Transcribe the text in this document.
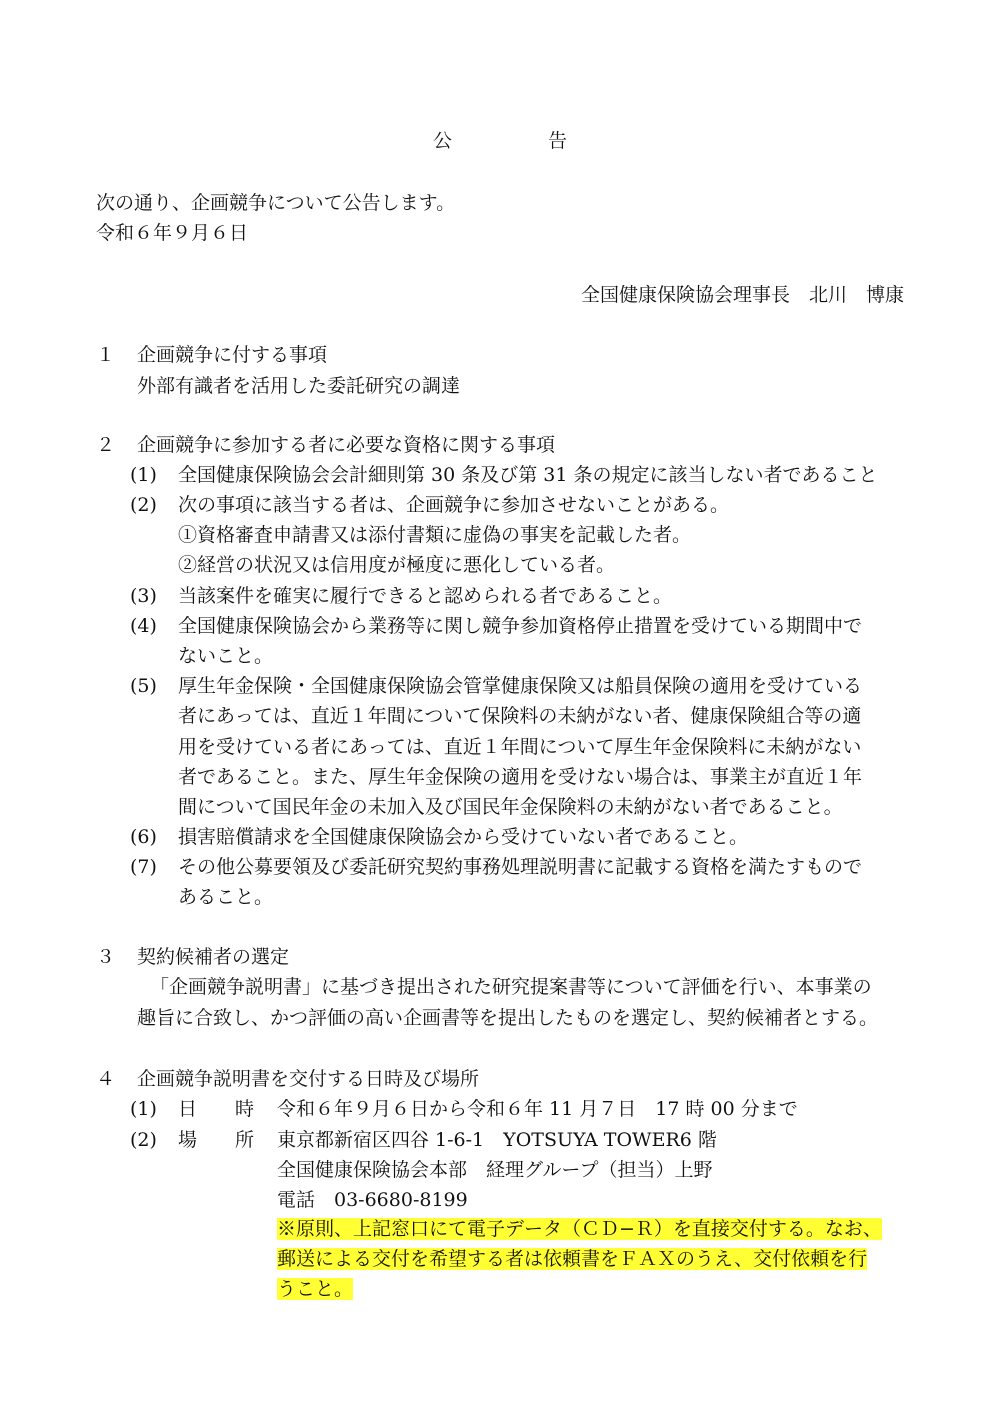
公	告
次の通り、企画競争について公告します。
令和６年９月６日
全国健康保険協会理事長　北川　博康
１ 企画競争に付する事項
外部有識者を活用した委託研究の調達
２ 企画競争に参加する者に必要な資格に関する事項
(1) 全国健康保険協会会計細則第 30 条及び第 31 条の規定に該当しない者であること
(2) 次の事項に該当する者は、企画競争に参加させないことがある。
①資格審査申請書又は添付書類に虚偽の事実を記載した者。
②経営の状況又は信用度が極度に悪化している者。
(3) 当該案件を確実に履行できると認められる者であること。
(4) 全国健康保険協会から業務等に関し競争参加資格停止措置を受けている期間中で
ないこと。
(5) 厚生年金保険・全国健康保険協会管掌健康保険又は船員保険の適用を受けている
者にあっては、直近１年間について保険料の未納がない者、健康保険組合等の適
用を受けている者にあっては、直近１年間について厚生年金保険料に未納がない
者であること。また、厚生年金保険の適用を受けない場合は、事業主が直近１年
間について国民年金の未加入及び国民年金保険料の未納がない者であること。
(6) 損害賠償請求を全国健康保険協会から受けていない者であること。
(7) その他公募要領及び委託研究契約事務処理説明書に記載する資格を満たすもので
あること。
３ 契約候補者の選定
「企画競争説明書」に基づき提出された研究提案書等について評価を行い、本事業の
趣旨に合致し、かつ評価の高い企画書等を提出したものを選定し、契約候補者とする。
４ 企画競争説明書を交付する日時及び場所
(1) 日　　時 令和６年９月６日から令和６年 11 月７日　17 時 00 分まで
(2) 場　　所 東京都新宿区四谷 1-6-1　YOTSUYA TOWER6 階
全国健康保険協会本部　経理グループ（担当）上野
電話　03-6680-8199
※原則、上記窓口にて電子データ（ＣＤ−Ｒ）を直接交付する。なお、
郵送による交付を希望する者は依頼書をＦＡＸのうえ、交付依頼を行
うこと。
